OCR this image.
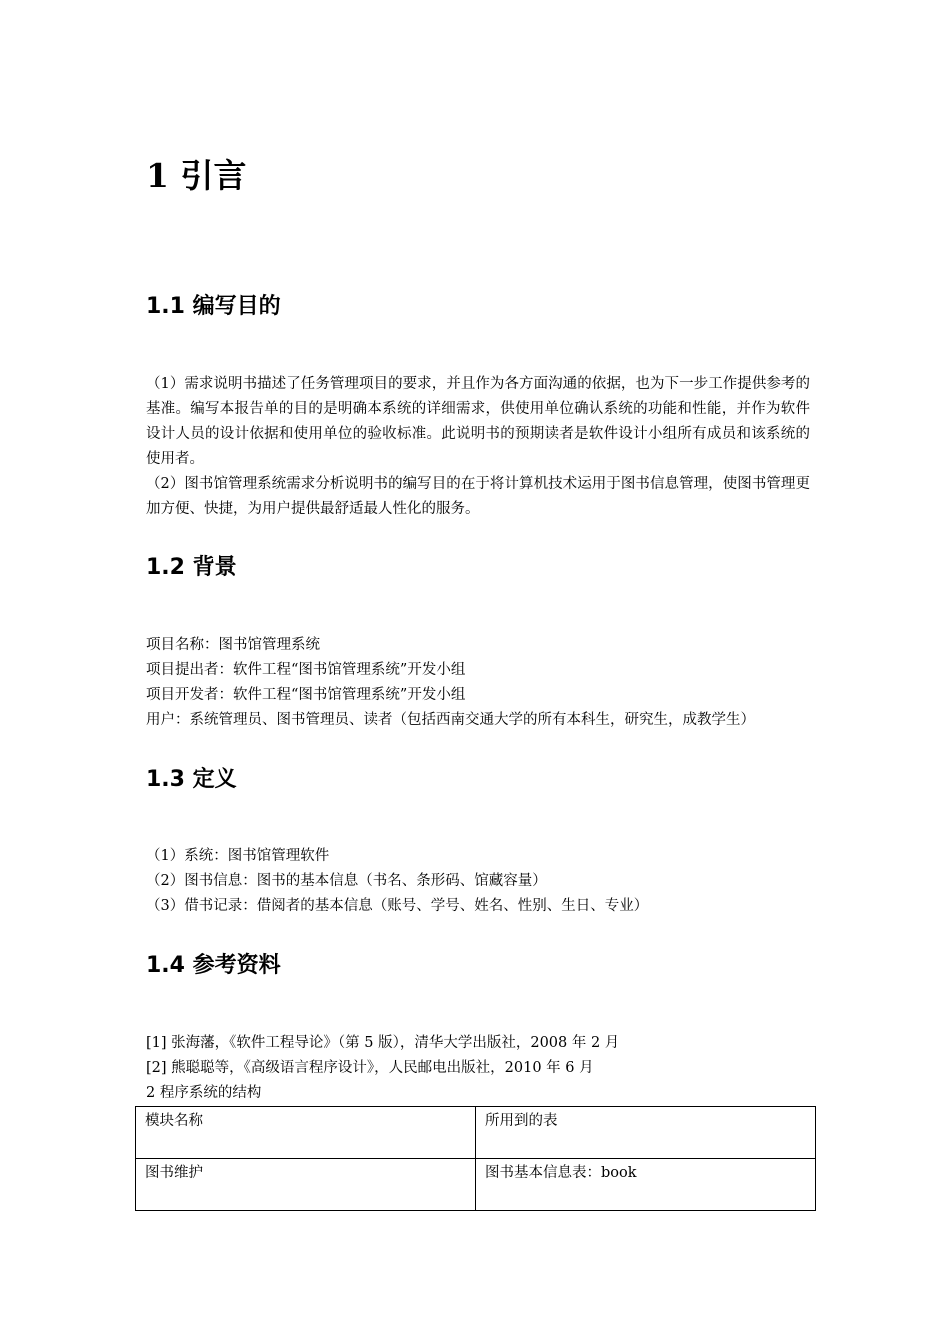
1 引言
1.1 编写目的
（1）需求说明书描述了任务管理项目的要求，并且作为各方面沟通的依据，也为下一步工作提供参考的基准。编写本报告单的目的是明确本系统的详细需求，供使用单位确认系统的功能和性能，并作为软件设计人员的设计依据和使用单位的验收标准。此说明书的预期读者是软件设计小组所有成员和该系统的使用者。
（2）图书馆管理系统需求分析说明书的编写目的在于将计算机技术运用于图书信息管理，使图书管理更加方便、快捷，为用户提供最舒适最人性化的服务。
1.2 背景
项目名称：图书馆管理系统
项目提出者：软件工程“图书馆管理系统”开发小组
项目开发者：软件工程“图书馆管理系统”开发小组
用户：系统管理员、图书管理员、读者（包括西南交通大学的所有本科生，研究生，成教学生）
1.3 定义
（1）系统：图书馆管理软件
（2）图书信息：图书的基本信息（书名、条形码、馆藏容量）
（3）借书记录：借阅者的基本信息（账号、学号、姓名、性别、生日、专业）
1.4 参考资料
[1] 张海藩，《软件工程导论》（第 5 版），清华大学出版社，2008 年 2 月
[2] 熊聪聪等，《高级语言程序设计》，人民邮电出版社，2010 年 6 月
2 程序系统的结构
模块名称	所用到的表
图书维护	图书基本信息表：book
